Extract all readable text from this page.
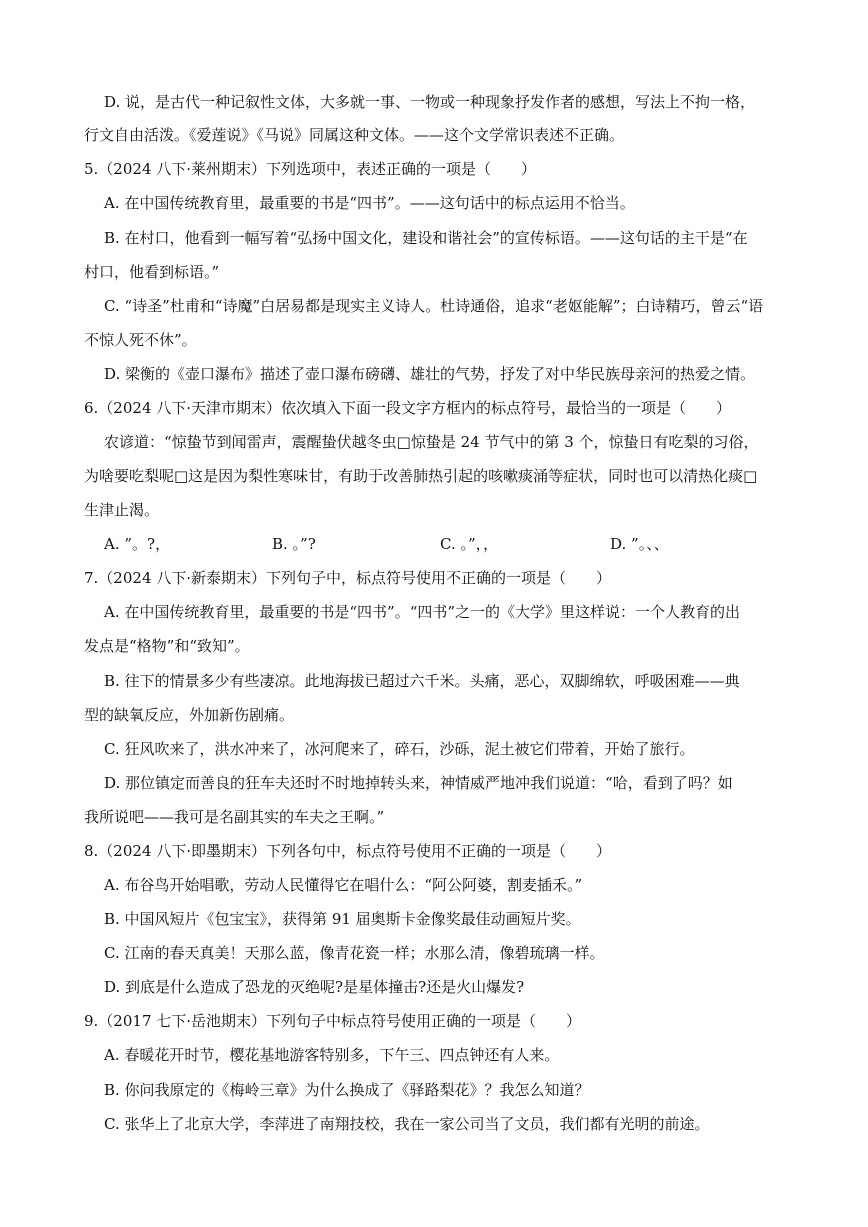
D. 说，是古代一种记叙性文体，大多就一事、一物或一种现象抒发作者的感想，写法上不拘一格，
行文自由活泼。《爱莲说》《马说》同属这种文体。——这个文学常识表述不正确。
5.（2024 八下·莱州期末）下列选项中，表述正确的一项是（　　）
A. 在中国传统教育里，最重要的书是“四书”。——这句话中的标点运用不恰当。
B. 在村口，他看到一幅写着“弘扬中国文化，建设和谐社会”的宣传标语。——这句话的主干是“在
村口，他看到标语。”
C. “诗圣”杜甫和“诗魔”白居易都是现实主义诗人。杜诗通俗，追求“老妪能解”；白诗精巧，曾云“语
不惊人死不休”。
D. 梁衡的《壶口瀑布》描述了壶口瀑布磅礴、雄壮的气势，抒发了对中华民族母亲河的热爱之情。
6.（2024 八下·天津市期末）依次填入下面一段文字方框内的标点符号，最恰当的一项是（　　）
农谚道：“惊蛰节到闻雷声，震醒蛰伏越冬虫□惊蛰是 24 节气中的第 3 个，惊蛰日有吃梨的习俗，
为啥要吃梨呢□这是因为梨性寒味甘，有助于改善肺热引起的咳嗽痰涌等症状，同时也可以清热化痰□
生津止渴。
A. ”。?，	B. 。”?	C. 。”，，	D. ”。、、
7.（2024 八下·新泰期末）下列句子中，标点符号使用不正确的一项是（　　）
A. 在中国传统教育里，最重要的书是“四书”。“四书”之一的《大学》里这样说：一个人教育的出
发点是“格物”和“致知”。
B. 往下的情景多少有些凄凉。此地海拔已超过六千米。头痛，恶心，双脚绵软，呼吸困难——典
型的缺氧反应，外加新伤剧痛。
C. 狂风吹来了，洪水冲来了，冰河爬来了，碎石，沙砾，泥土被它们带着，开始了旅行。
D. 那位镇定而善良的狂车夫还时不时地掉转头来，神情威严地冲我们说道：“哈，看到了吗？如
我所说吧——我可是名副其实的车夫之王啊。”
8.（2024 八下·即墨期末）下列各句中，标点符号使用不正确的一项是（　　）
A. 布谷鸟开始唱歌，劳动人民懂得它在唱什么：“阿公阿婆，割麦插禾。”
B. 中国风短片《包宝宝》，获得第 91 届奥斯卡金像奖最佳动画短片奖。
C. 江南的春天真美！天那么蓝，像青花瓷一样；水那么清，像碧琉璃一样。
D. 到底是什么造成了恐龙的灭绝呢?是星体撞击?还是火山爆发?
9.（2017 七下·岳池期末）下列句子中标点符号使用正确的一项是（　　）
A. 春暖花开时节，樱花基地游客特别多，下午三、四点钟还有人来。
B. 你问我原定的《梅岭三章》为什么换成了《驿路梨花》？我怎么知道？
C. 张华上了北京大学，李萍进了南翔技校，我在一家公司当了文员，我们都有光明的前途。
